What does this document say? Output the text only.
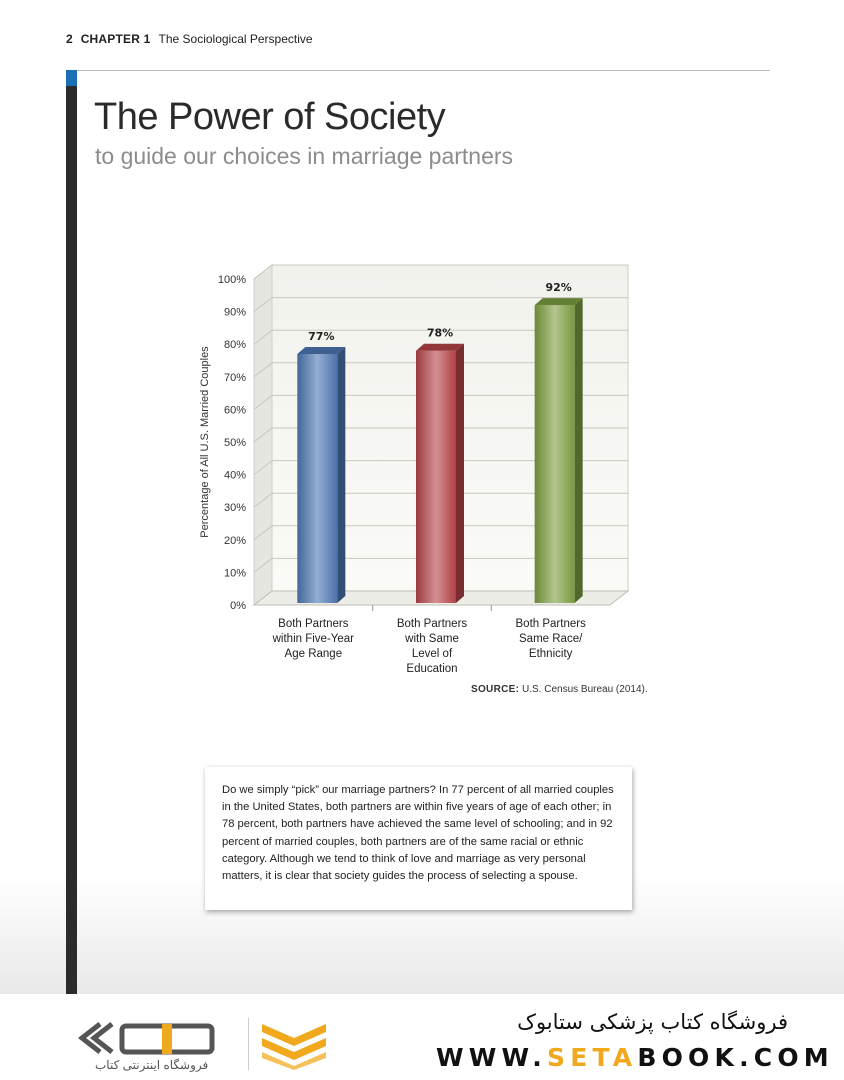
2 CHAPTER 1 The Sociological Perspective
The Power of Society
to guide our choices in marriage partners
0%
10%
20%
30%
40%
50%
60%
70%
80%
90%
100%
Percentage of All U.S. Married Couples
77%
Both Partners
within Five-Year
Age Range
78%
Both Partners
with Same
Level of
Education
92%
Both Partners
Same Race/
Ethnicity
SOURCE: U.S. Census Bureau (2014).
Do we simply “pick” our marriage partners? In 77 percent of all married couples in the United States, both partners are within five years of age of each other; in 78 percent, both partners have achieved the same level of schooling; and in 92 percent of married couples, both partners are of the same racial or ethnic category. Although we tend to think of love and marriage as very personal matters, it is clear that society guides the process of selecting a spouse.
فروشگاه اینترنتی کتاب
فروشگاه کتاب پزشکی ستابوک
WWW.SETABOOK.COM
